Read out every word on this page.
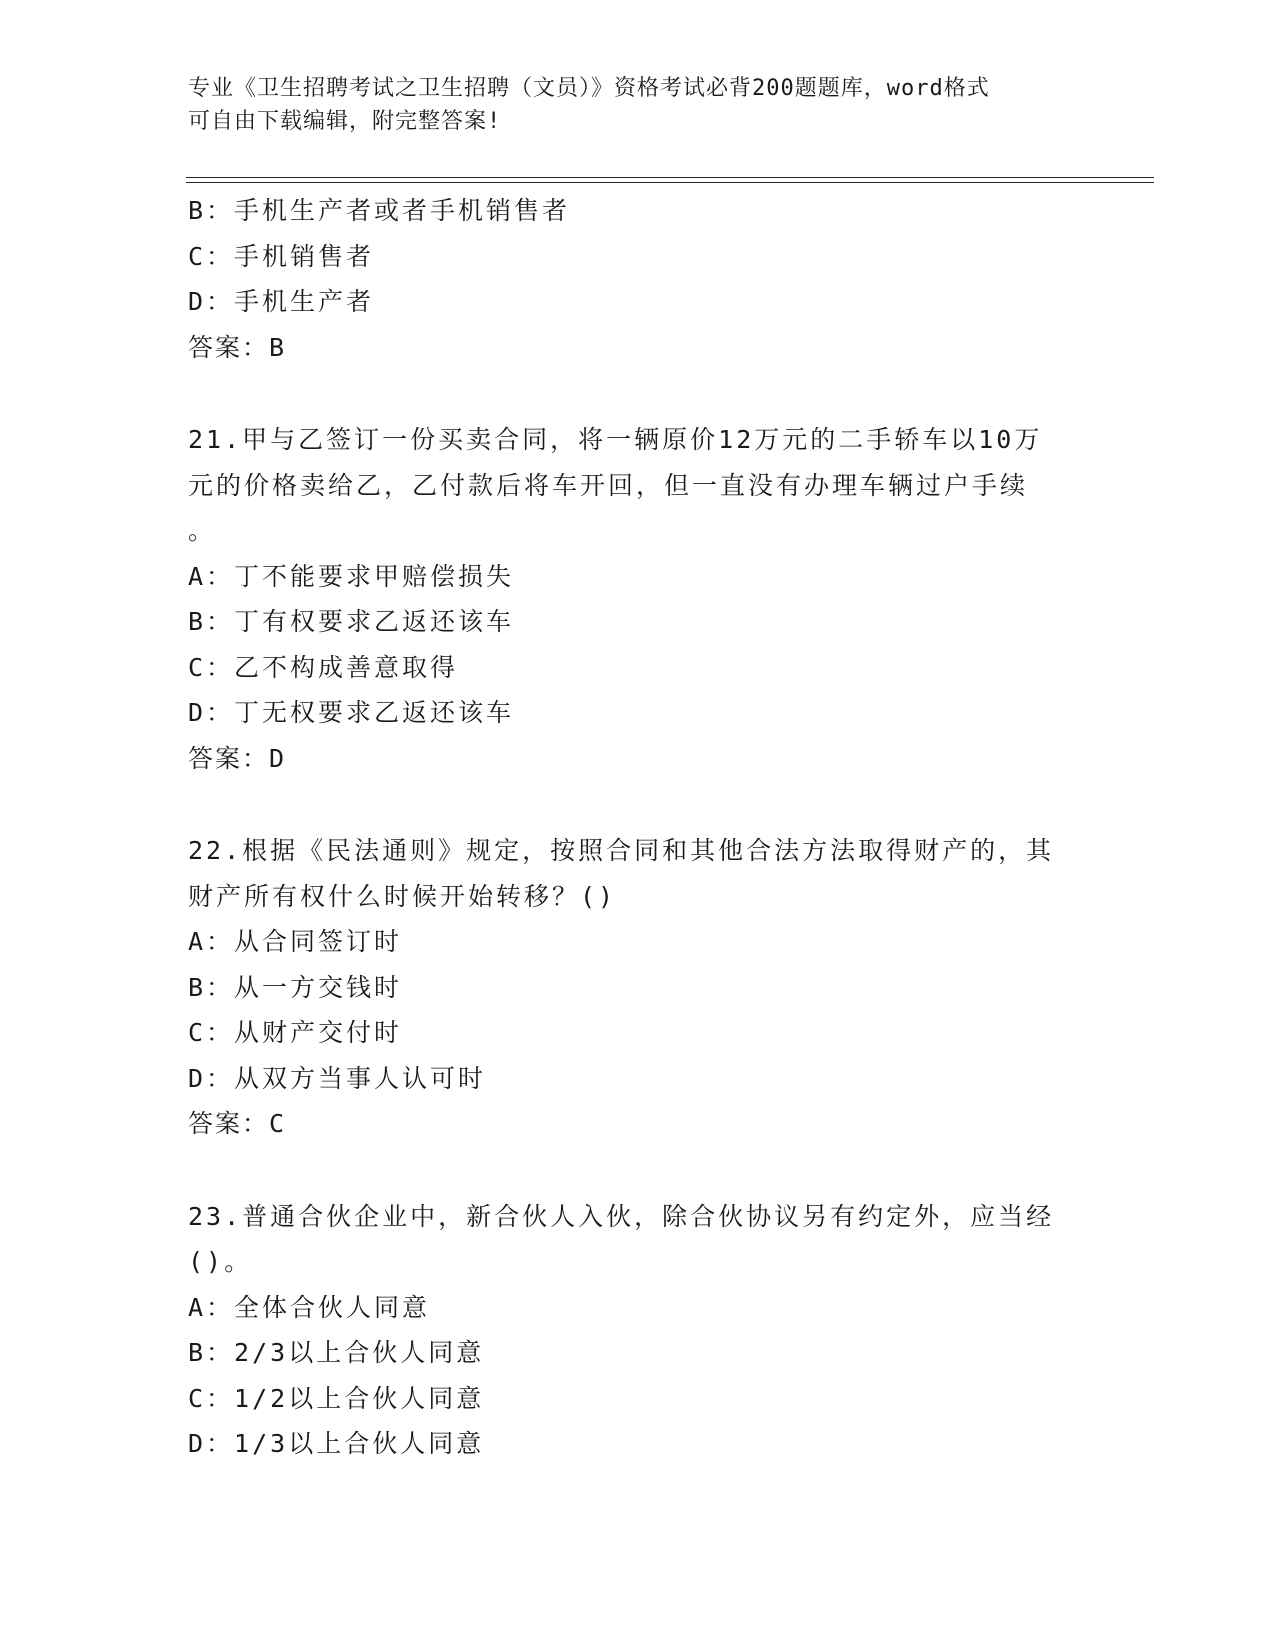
专业《卫生招聘考试之卫生招聘（文员）》资格考试必背200题题库，word格式
可自由下载编辑，附完整答案!
B：手机生产者或者手机销售者
C：手机销售者
D：手机生产者
答案：B
21.甲与乙签订一份买卖合同，将一辆原价12万元的二手轿车以10万
元的价格卖给乙，乙付款后将车开回，但一直没有办理车辆过户手续
。
A：丁不能要求甲赔偿损失
B：丁有权要求乙返还该车
C：乙不构成善意取得
D：丁无权要求乙返还该车
答案：D
22.根据《民法通则》规定，按照合同和其他合法方法取得财产的，其
财产所有权什么时候开始转移？()
A：从合同签订时
B：从一方交钱时
C：从财产交付时
D：从双方当事人认可时
答案：C
23.普通合伙企业中，新合伙人入伙，除合伙协议另有约定外，应当经
()。
A：全体合伙人同意
B：2/3以上合伙人同意
C：1/2以上合伙人同意
D：1/3以上合伙人同意
